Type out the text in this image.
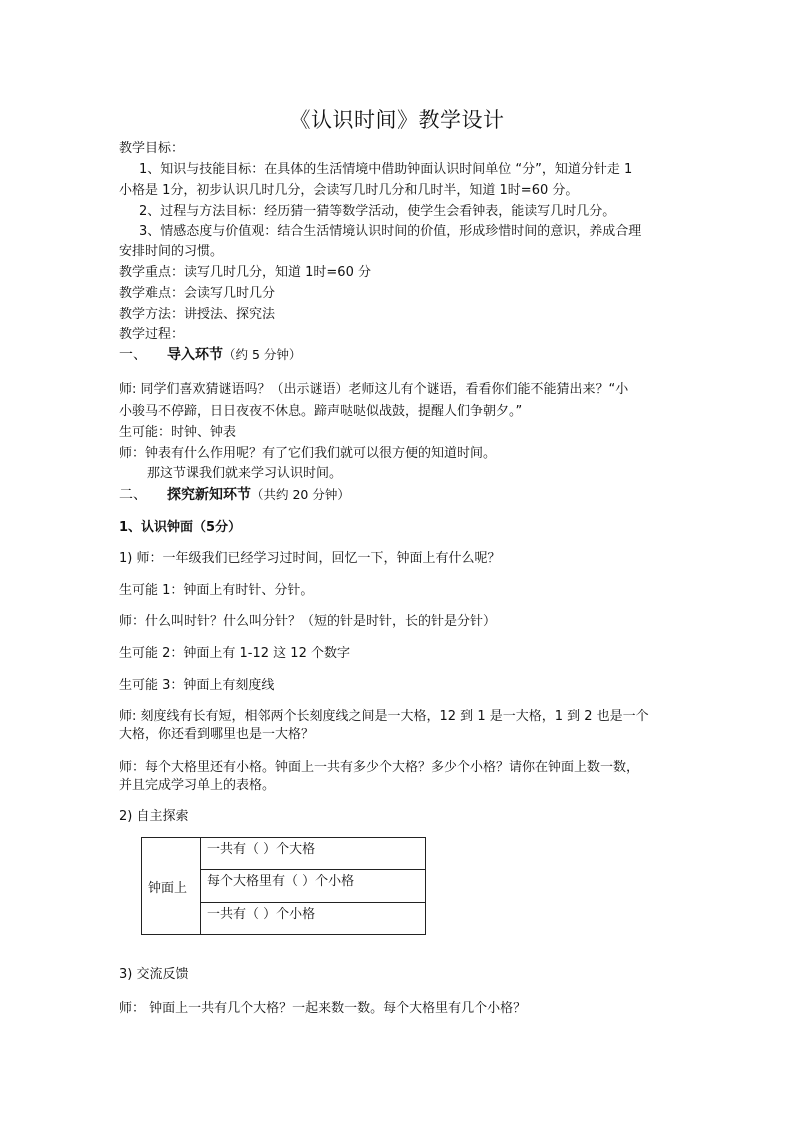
《认识时间》教学设计
教学目标：
1、知识与技能目标：在具体的生活情境中借助钟面认识时间单位 “分”，知道分针走 1
小格是 1分，初步认识几时几分，会读写几时几分和几时半，知道 1时=60 分。
2、过程与方法目标：经历猜一猜等数学活动，使学生会看钟表，能读写几时几分。
3、情感态度与价值观：结合生活情境认识时间的价值，形成珍惜时间的意识，养成合理
安排时间的习惯。
教学重点：读写几时几分，知道 1时=60 分
教学难点：会读写几时几分
教学方法：讲授法、探究法
教学过程：
一、 导入环节（约 5 分钟）
师: 同学们喜欢猜谜语吗？（出示谜语）老师这儿有个谜语，看看你们能不能猜出来？“小
小骏马不停蹄，日日夜夜不休息。蹄声哒哒似战鼓，提醒人们争朝夕。”
生可能：时钟、钟表
师：钟表有什么作用呢？有了它们我们就可以很方便的知道时间。
那这节课我们就来学习认识时间。
二、 探究新知环节（共约 20 分钟）
1、认识钟面（5分）
1) 师：一年级我们已经学习过时间，回忆一下，钟面上有什么呢？
生可能 1：钟面上有时针、分针。
师：什么叫时针？什么叫分针？（短的针是时针，长的针是分针）
生可能 2：钟面上有 1-12 这 12 个数字
生可能 3：钟面上有刻度线
师: 刻度线有长有短，相邻两个长刻度线之间是一大格，12 到 1 是一大格，1 到 2 也是一个
大格，你还看到哪里也是一大格？
师：每个大格里还有小格。钟面上一共有多少个大格？多少个小格？请你在钟面上数一数，
并且完成学习单上的表格。
2) 自主探索
钟面上	一共有（ ）个大格
每个大格里有（ ）个小格
一共有（ ）个小格
3) 交流反馈
师： 钟面上一共有几个大格？一起来数一数。每个大格里有几个小格？
